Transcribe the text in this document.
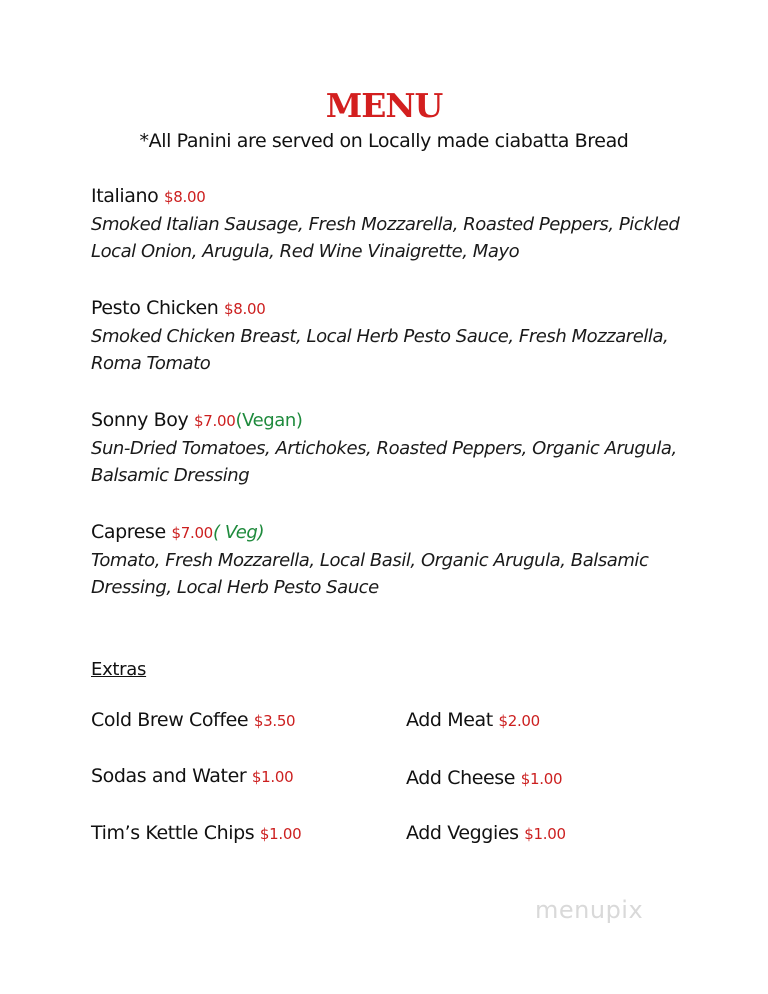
MENU
*All Panini are served on Locally made ciabatta Bread
Italiano $8.00
Smoked Italian Sausage, Fresh Mozzarella, Roasted Peppers, Pickled Local Onion, Arugula, Red Wine Vinaigrette, Mayo
Pesto Chicken $8.00
Smoked Chicken Breast, Local Herb Pesto Sauce, Fresh Mozzarella, Roma Tomato
Sonny Boy $7.00(Vegan)
Sun-Dried Tomatoes, Artichokes, Roasted Peppers, Organic Arugula, Balsamic Dressing
Caprese $7.00( Veg)
Tomato, Fresh Mozzarella, Local Basil, Organic Arugula, Balsamic Dressing, Local Herb Pesto Sauce
Extras
Cold Brew Coffee $3.50
Sodas and Water $1.00
Tim’s Kettle Chips $1.00
Add Meat $2.00
Add Cheese $1.00
Add Veggies $1.00
menupix
